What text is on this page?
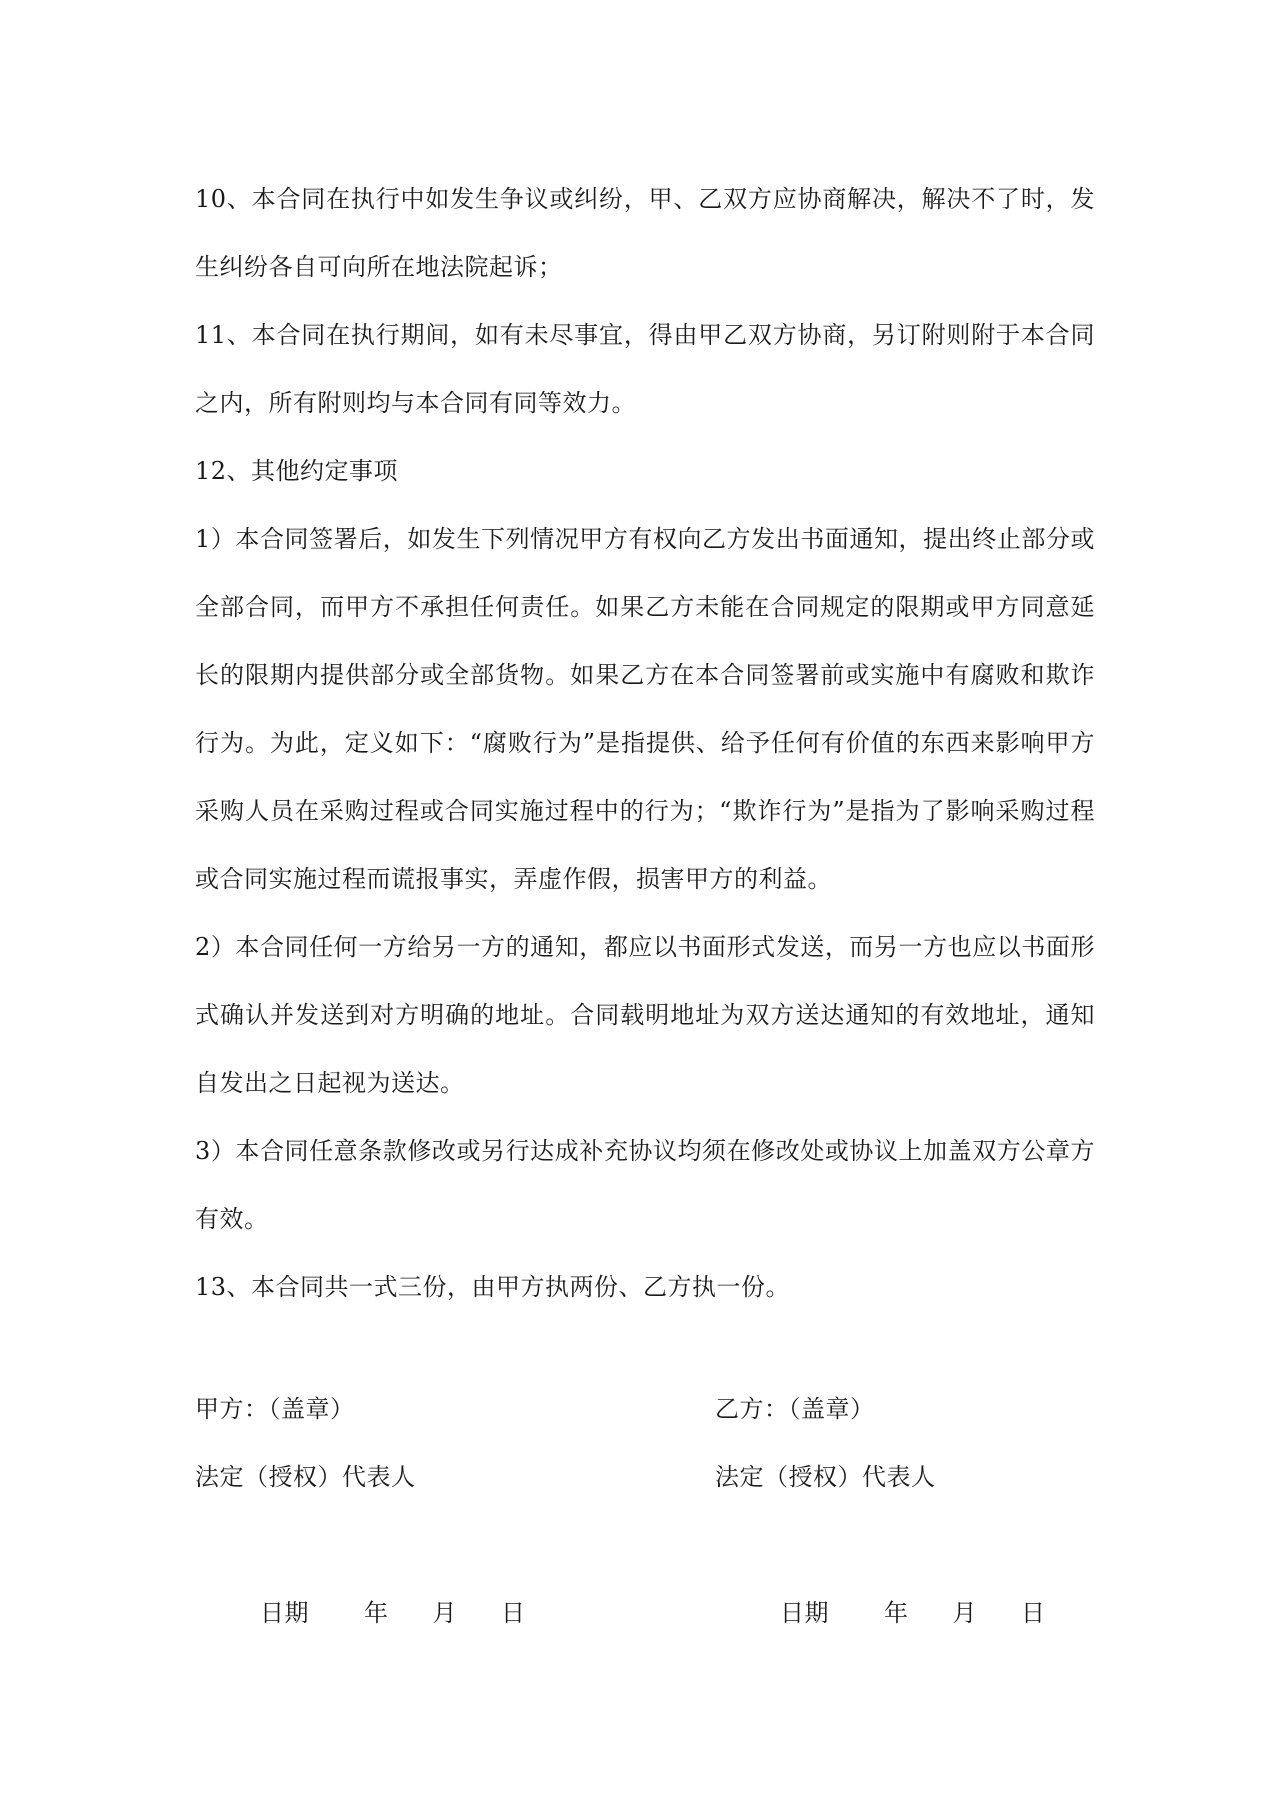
10、本合同在执行中如发生争议或纠纷，甲、乙双方应协商解决，解决不了时，发生纠纷各自可向所在地法院起诉；

11、本合同在执行期间，如有未尽事宜，得由甲乙双方协商，另订附则附于本合同之内，所有附则均与本合同有同等效力。

12、其他约定事项

1）本合同签署后，如发生下列情况甲方有权向乙方发出书面通知，提出终止部分或全部合同，而甲方不承担任何责任。如果乙方未能在合同规定的限期或甲方同意延长的限期内提供部分或全部货物。如果乙方在本合同签署前或实施中有腐败和欺诈行为。为此，定义如下：“腐败行为”是指提供、给予任何有价值的东西来影响甲方采购人员在采购过程或合同实施过程中的行为；“欺诈行为”是指为了影响采购过程或合同实施过程而谎报事实，弄虚作假，损害甲方的利益。

2）本合同任何一方给另一方的通知，都应以书面形式发送，而另一方也应以书面形式确认并发送到对方明确的地址。合同载明地址为双方送达通知的有效地址，通知自发出之日起视为送达。

3）本合同任意条款修改或另行达成补充协议均须在修改处或协议上加盖双方公章方有效。

13、本合同共一式三份，由甲方执两份、乙方执一份。

甲方：（盖章）
法定（授权）代表人

日期 年 月 日

乙方：（盖章）
法定（授权）代表人

日期 年 月 日
